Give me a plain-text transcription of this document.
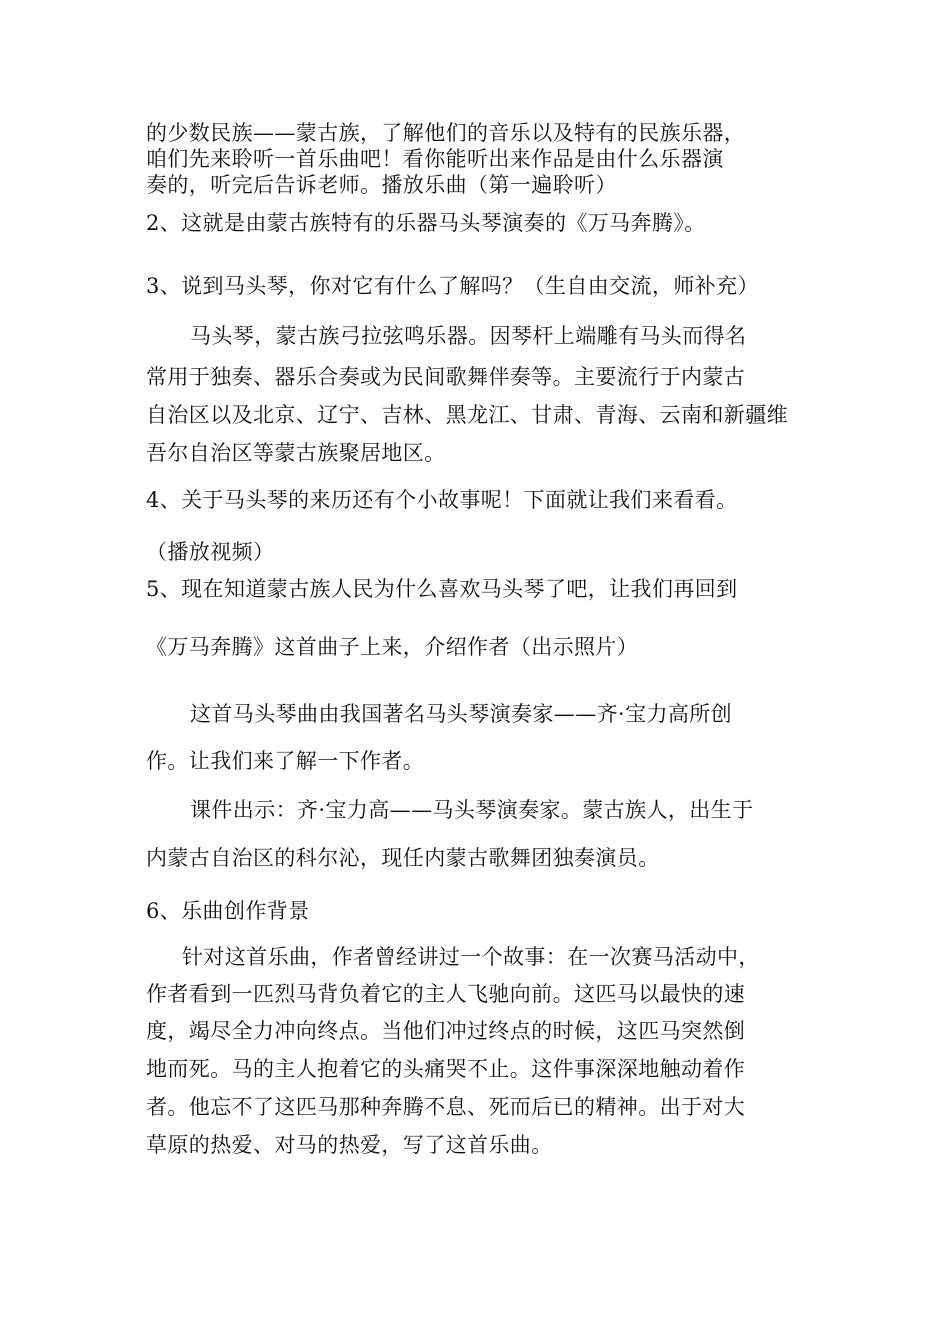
的少数民族——蒙古族，了解他们的音乐以及特有的民族乐器，
咱们先来聆听一首乐曲吧！看你能听出来作品是由什么乐器演
奏的，听完后告诉老师。播放乐曲（第一遍聆听）
2、这就是由蒙古族特有的乐器马头琴演奏的《万马奔腾》。
3、说到马头琴，你对它有什么了解吗？（生自由交流，师补充）
马头琴，蒙古族弓拉弦鸣乐器。因琴杆上端雕有马头而得名
常用于独奏、器乐合奏或为民间歌舞伴奏等。主要流行于内蒙古
自治区以及北京、辽宁、吉林、黑龙江、甘肃、青海、云南和新疆维
吾尔自治区等蒙古族聚居地区。
4、关于马头琴的来历还有个小故事呢！下面就让我们来看看。
（播放视频）
5、现在知道蒙古族人民为什么喜欢马头琴了吧，让我们再回到
《万马奔腾》这首曲子上来，介绍作者（出示照片）
这首马头琴曲由我国著名马头琴演奏家——齐·宝力高所创
作。让我们来了解一下作者。
课件出示：齐·宝力高——马头琴演奏家。蒙古族人，出生于
内蒙古自治区的科尔沁，现任内蒙古歌舞团独奏演员。
6、乐曲创作背景
针对这首乐曲，作者曾经讲过一个故事：在一次赛马活动中，
作者看到一匹烈马背负着它的主人飞驰向前。这匹马以最快的速
度，竭尽全力冲向终点。当他们冲过终点的时候，这匹马突然倒
地而死。马的主人抱着它的头痛哭不止。这件事深深地触动着作
者。他忘不了这匹马那种奔腾不息、死而后已的精神。出于对大
草原的热爱、对马的热爱，写了这首乐曲。
